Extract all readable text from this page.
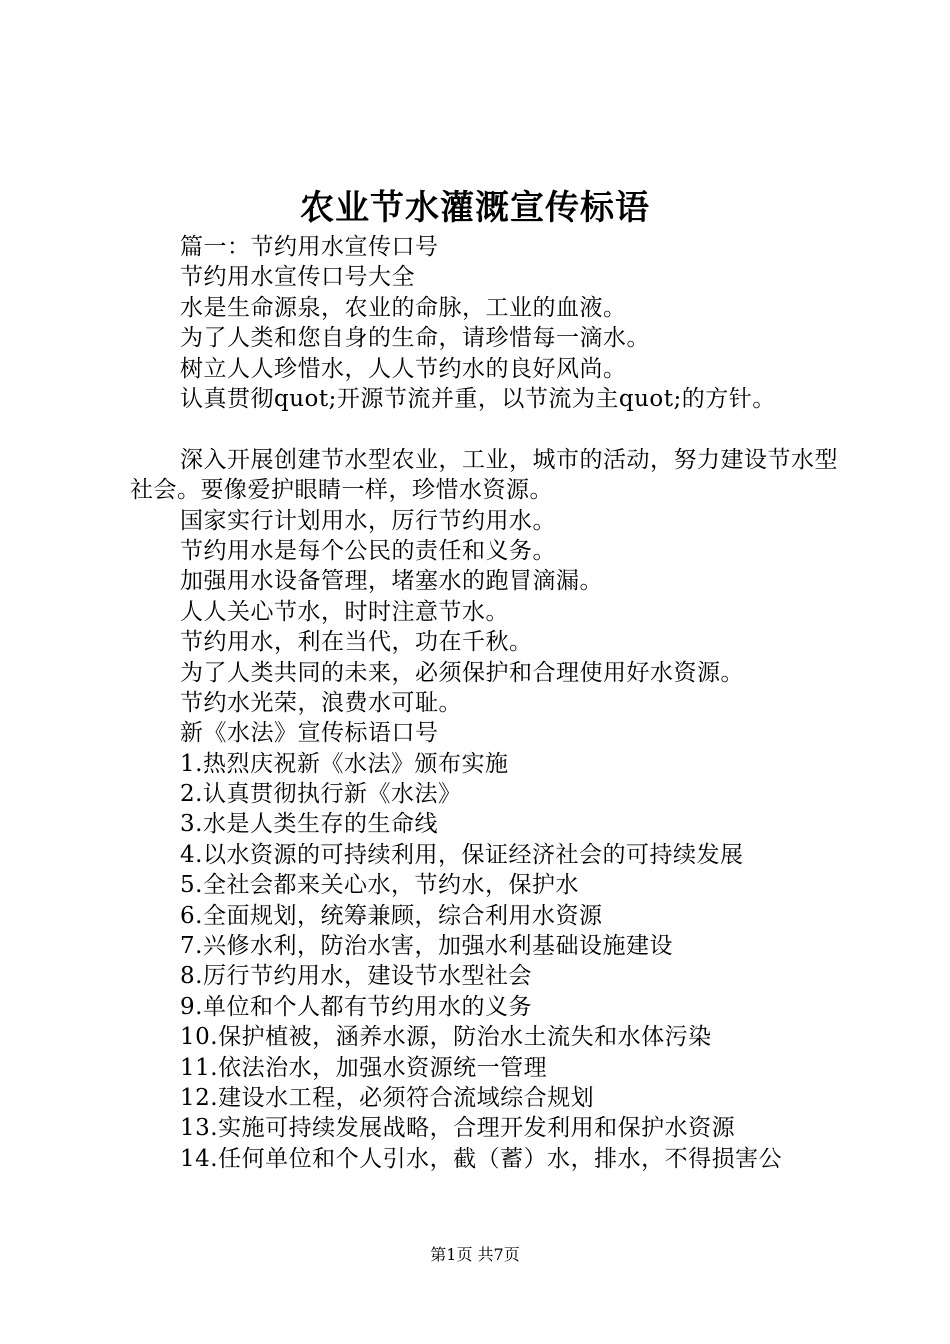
农业节水灌溉宣传标语
篇一：节约用水宣传口号
节约用水宣传口号大全
水是生命源泉，农业的命脉，工业的血液。
为了人类和您自身的生命，请珍惜每一滴水。
树立人人珍惜水，人人节约水的良好风尚。
认真贯彻quot;开源节流并重，以节流为主quot;的方针。
深入开展创建节水型农业，工业，城市的活动，努力建设节水型社会。要像爱护眼睛一样，珍惜水资源。
国家实行计划用水，厉行节约用水。
节约用水是每个公民的责任和义务。
加强用水设备管理，堵塞水的跑冒滴漏。
人人关心节水，时时注意节水。
节约用水，利在当代，功在千秋。
为了人类共同的未来，必须保护和合理使用好水资源。
节约水光荣，浪费水可耻。
新《水法》宣传标语口号
1.热烈庆祝新《水法》颁布实施
2.认真贯彻执行新《水法》
3.水是人类生存的生命线
4.以水资源的可持续利用，保证经济社会的可持续发展
5.全社会都来关心水，节约水，保护水
6.全面规划，统筹兼顾，综合利用水资源
7.兴修水利，防治水害，加强水利基础设施建设
8.厉行节约用水，建设节水型社会
9.单位和个人都有节约用水的义务
10.保护植被，涵养水源，防治水土流失和水体污染
11.依法治水，加强水资源统一管理
12.建设水工程，必须符合流域综合规划
13.实施可持续发展战略，合理开发利用和保护水资源
14.任何单位和个人引水，截（蓄）水，排水，不得损害公
第1页 共7页
